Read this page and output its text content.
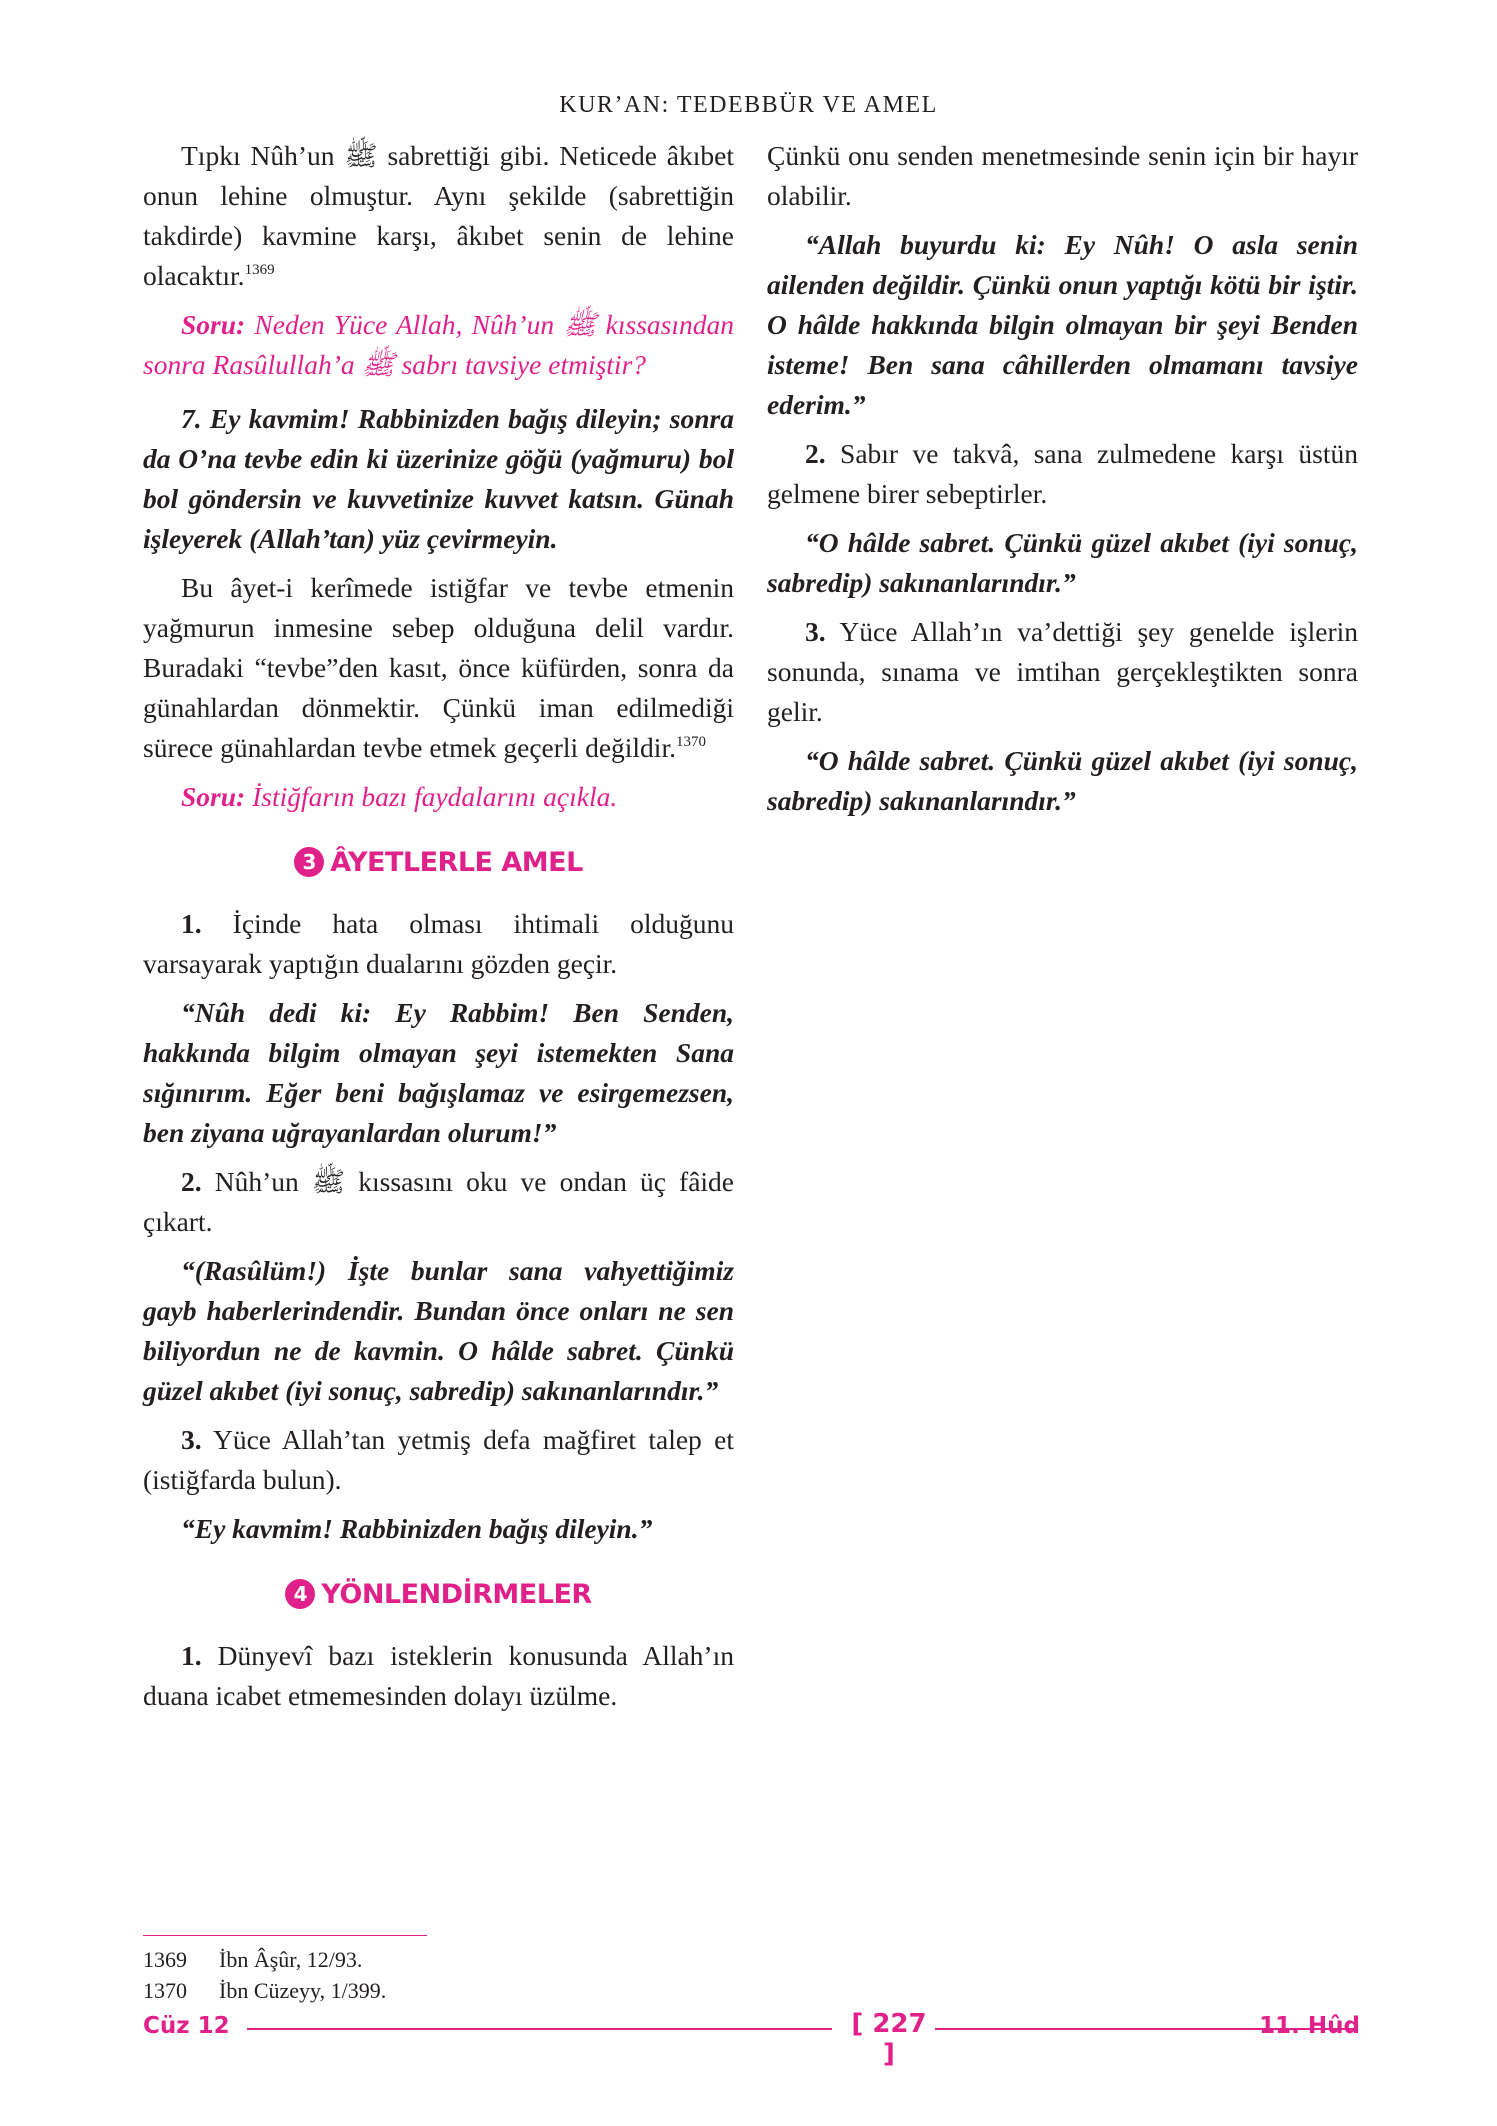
KUR’AN: TEDEBBÜR VE AMEL

Tıpkı Nûh’un ﷺ sabrettiği gibi. Neticede âkıbet onun lehine olmuştur. Aynı şekilde (sabrettiğin takdirde) kavmine karşı, âkıbet senin de lehine olacaktır.$^{1369}$

Soru: Neden Yüce Allah, Nûh’un ﷺ kıssasından sonra Rasûlullah’a ﷺ sabrı tavsiye etmiştir?

7. Ey kavmim! Rabbinizden bağış dileyin; sonra da O’na tevbe edin ki üzerinize göğü (yağmuru) bol bol göndersin ve kuvvetinize kuvvet katsın. Günah işleyerek (Allah’tan) yüz çevirmeyin.

Bu âyet-i kerîmede istiğfar ve tevbe etmenin yağmurun inmesine sebep olduğuna delil vardır. Buradaki “tevbe”den kasıt, önce küfürden, sonra da günahlardan dönmektir. Çünkü iman edilmediği sürece günahlardan tevbe etmek geçerli değildir.$^{1370}$

Soru: İstiğfarın bazı faydalarını açıkla.

3 ÂYETLERLE AMEL

1. İçinde hata olması ihtimali olduğunu varsayarak yaptığın dualarını gözden geçir.

“Nûh dedi ki: Ey Rabbim! Ben Senden, hakkında bilgim olmayan şeyi istemekten Sana sığınırım. Eğer beni bağışlamaz ve esirgemezsen, ben ziyana uğrayanlardan olurum!”

2. Nûh’un ﷺ kıssasını oku ve ondan üç fâide çıkart.

“(Rasûlüm!) İşte bunlar sana vahyettiğimiz gayb haberlerindendir. Bundan önce onları ne sen biliyordun ne de kavmin. O hâlde sabret. Çünkü güzel akıbet (iyi sonuç, sabredip) sakınanlarındır.”

3. Yüce Allah’tan yetmiş defa mağfiret talep et (istiğfarda bulun).

“Ey kavmim! Rabbinizden bağış dileyin.”

4 YÖNLENDİRMELER

1. Dünyevî bazı isteklerin konusunda Allah’ın duana icabet etmemesinden dolayı üzülme.

Çünkü onu senden menetmesinde senin için bir hayır olabilir.

“Allah buyurdu ki: Ey Nûh! O asla senin ailenden değildir. Çünkü onun yaptığı kötü bir iştir. O hâlde hakkında bilgin olmayan bir şeyi Benden isteme! Ben sana câhillerden olmamanı tavsiye ederim.”

2. Sabır ve takvâ, sana zulmedene karşı üstün gelmene birer sebeptirler.

“O hâlde sabret. Çünkü güzel akıbet (iyi sonuç, sabredip) sakınanlarındır.”

3. Yüce Allah’ın va’dettiği şey genelde işlerin sonunda, sınama ve imtihan gerçekleştikten sonra gelir.

“O hâlde sabret. Çünkü güzel akıbet (iyi sonuç, sabredip) sakınanlarındır.”

1369	İbn Âşûr, 12/93.
1370	İbn Cüzeyy, 1/399.
Cüz 12	[ 227 ]
11. Hûd
